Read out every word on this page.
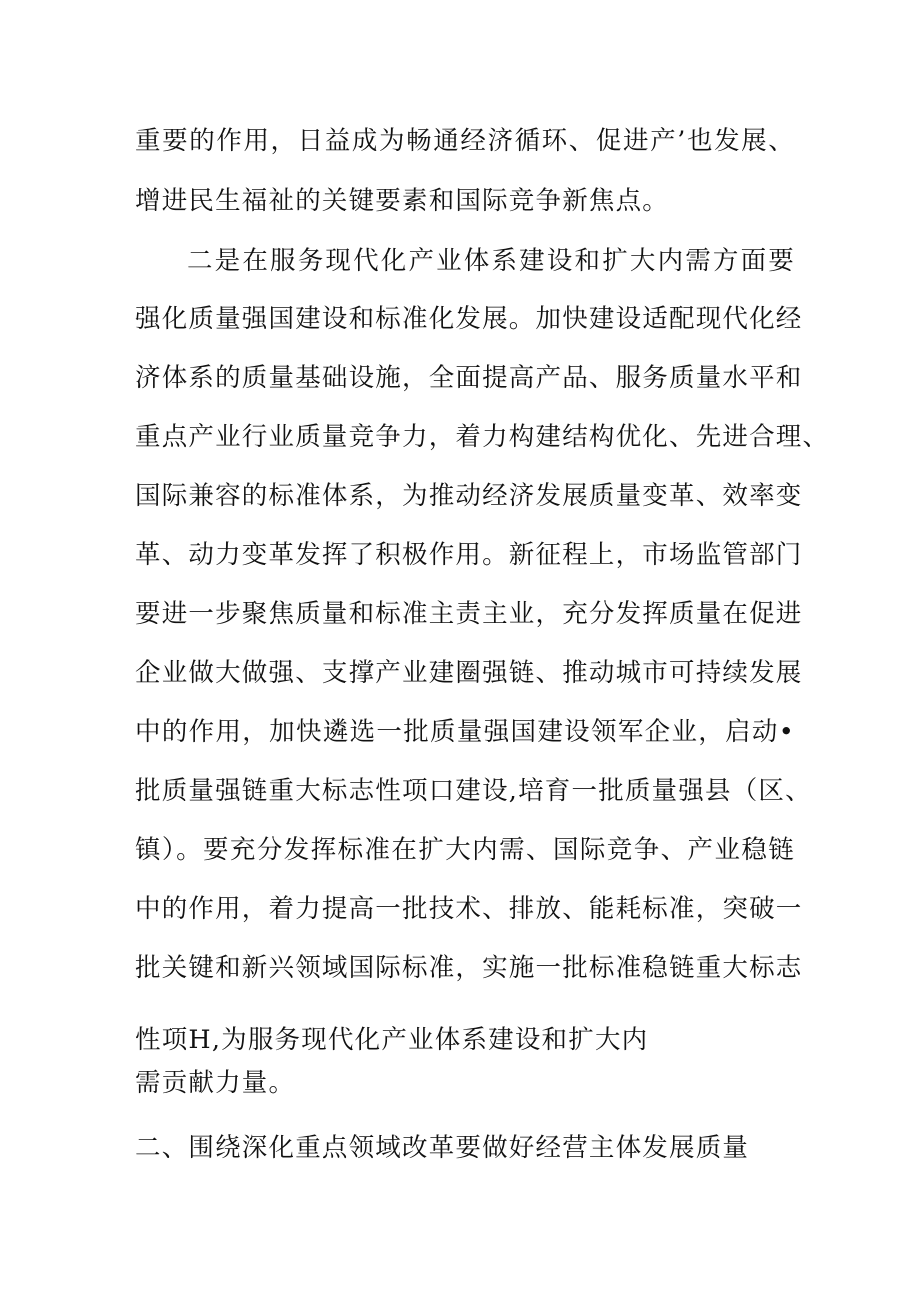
重要的作用，日益成为畅通经济循环、促进产’也发展、
增进民生福祉的关键要素和国际竞争新焦点。
二是在服务现代化产业体系建设和扩大内需方面要
强化质量强国建设和标准化发展。加快建设适配现代化经
济体系的质量基础设施，全面提高产品、服务质量水平和
重点产业行业质量竞争力，着力构建结构优化、先进合理、
国际兼容的标准体系，为推动经济发展质量变革、效率变
革、动力变革发挥了积极作用。新征程上，市场监管部门
要进一步聚焦质量和标准主责主业，充分发挥质量在促进
企业做大做强、支撑产业建圈强链、推动城市可持续发展
中的作用，加快遴选一批质量强国建设领军企业，启动•
批质量强链重大标志性项口建设,培育一批质量强县（区、
镇）。要充分发挥标准在扩大内需、国际竞争、产业稳链
中的作用，着力提高一批技术、排放、能耗标准，突破一
批关键和新兴领域国际标准，实施一批标准稳链重大标志
性项H,为服务现代化产业体系建设和扩大内
需贡献力量。
二、围绕深化重点领域改革要做好经营主体发展质量
